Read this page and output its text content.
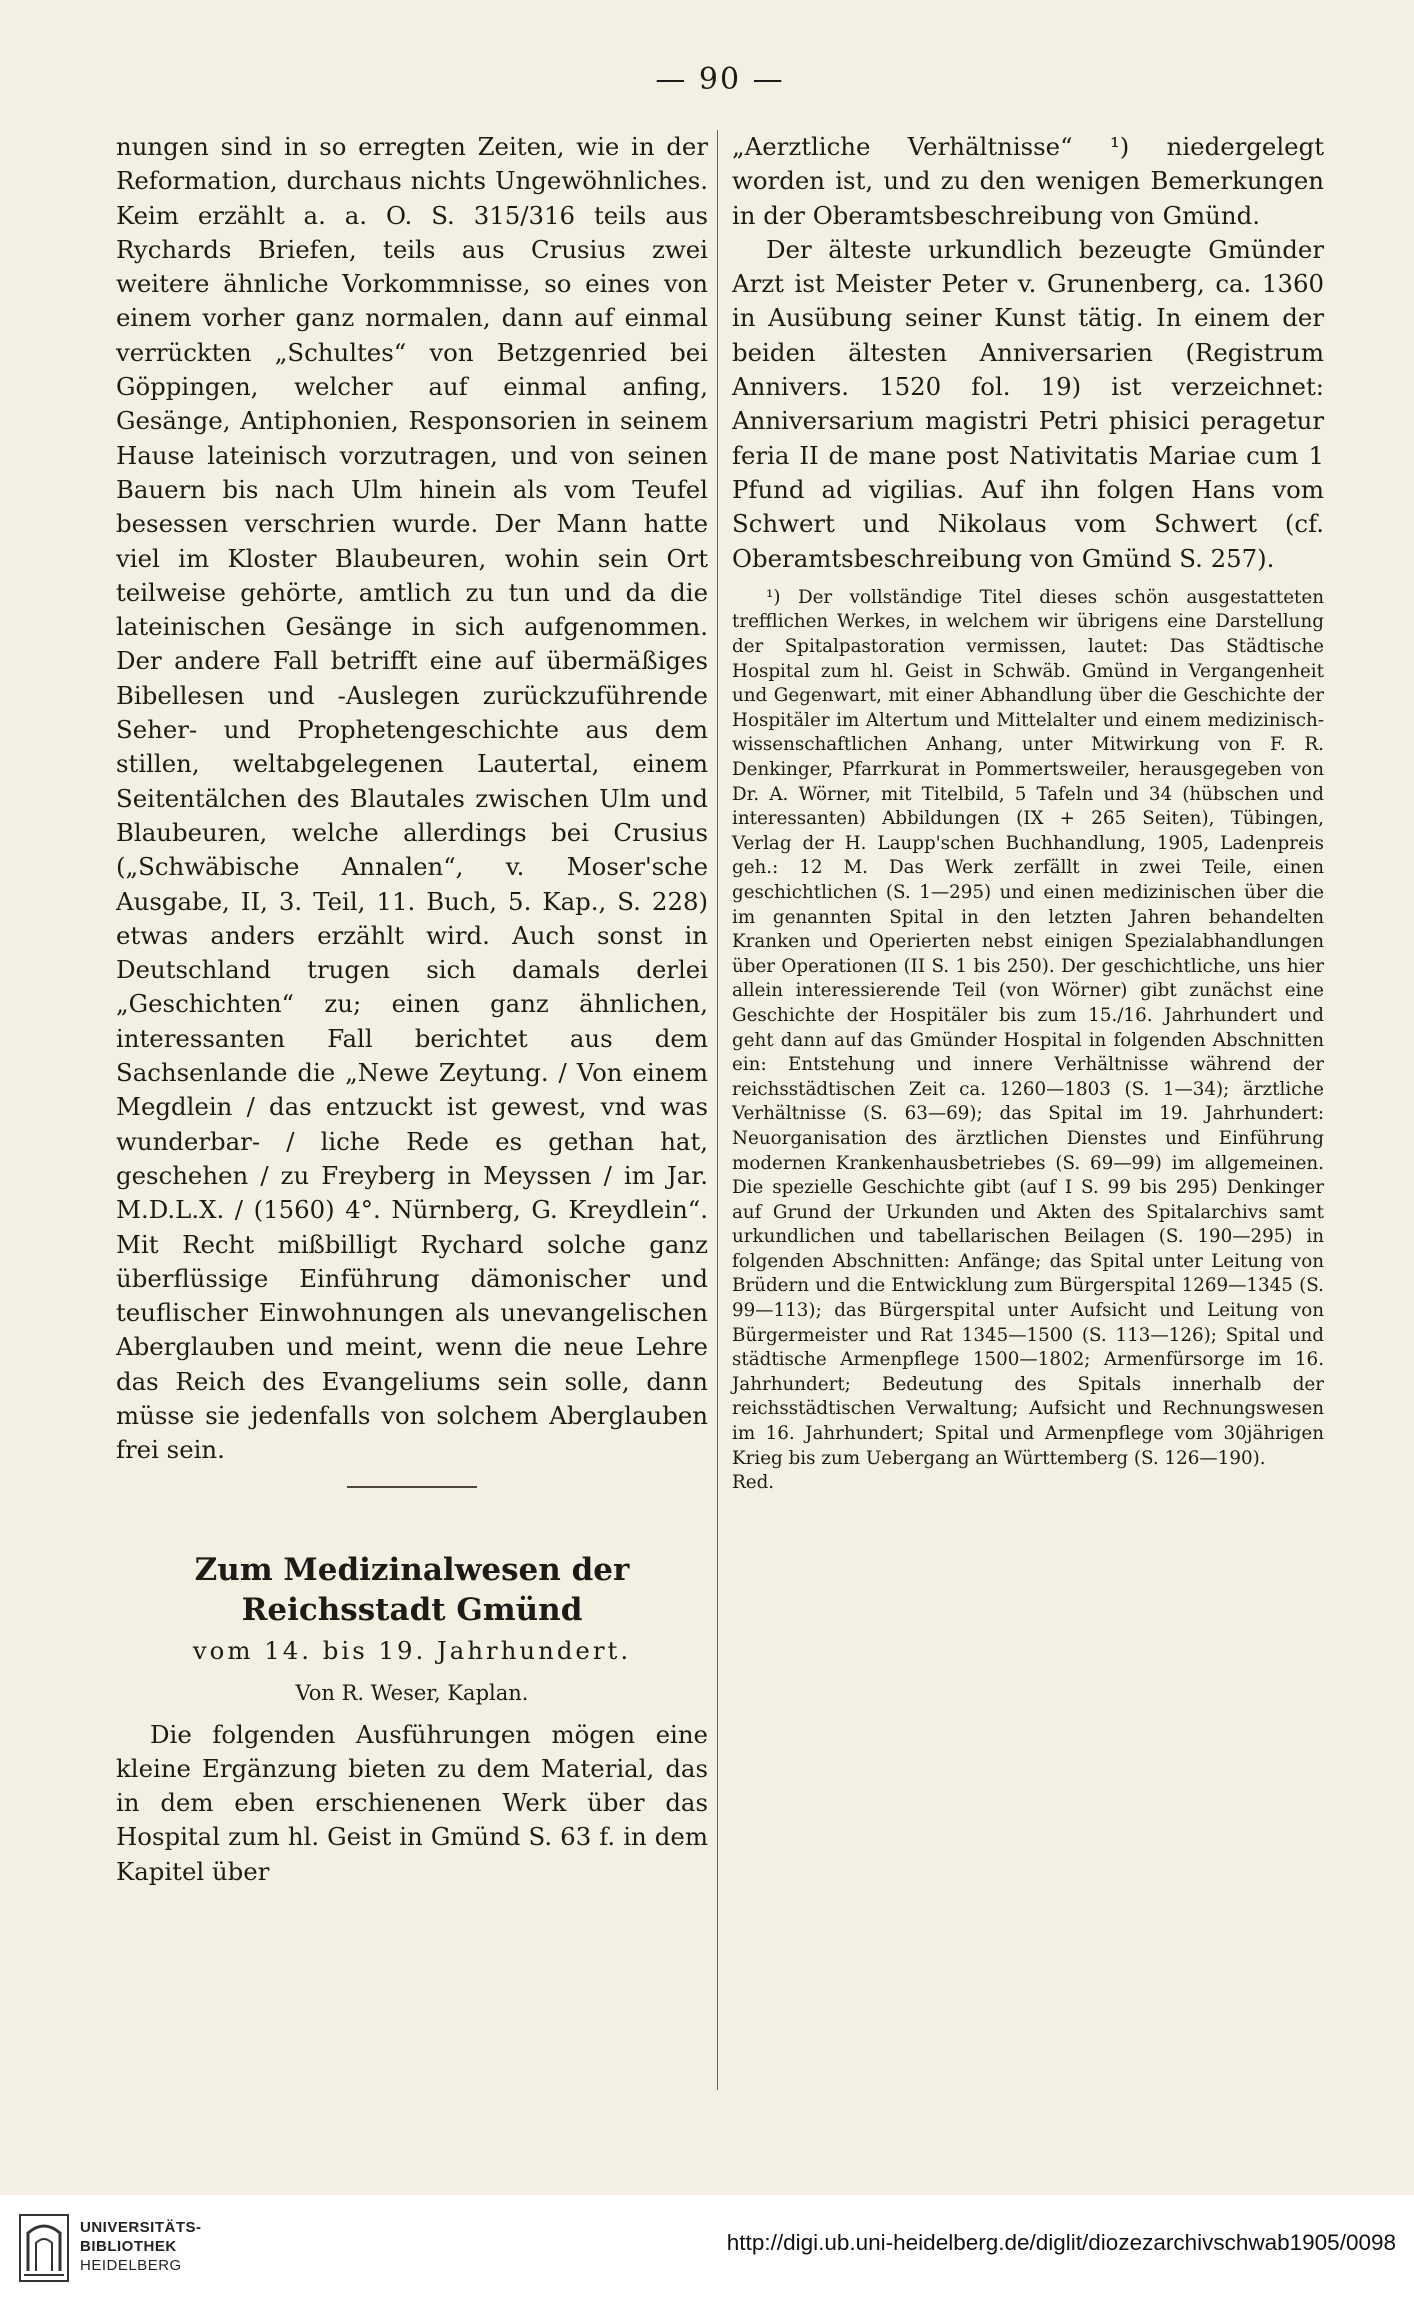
— 90 —

nungen sind in so erregten Zeiten, wie in der Reformation, durchaus nichts Ungewöhnliches. Keim erzählt a. a. O. S. 315/316 teils aus Rychards Briefen, teils aus Crusius zwei weitere ähnliche Vorkommnisse, so eines von einem vorher ganz normalen, dann auf einmal verrückten „Schultes“ von Betzgenried bei Göppingen, welcher auf einmal anfing, Gesänge, Antiphonien, Responsorien in seinem Hause lateinisch vorzutragen, und von seinen Bauern bis nach Ulm hinein als vom Teufel besessen verschrien wurde. Der Mann hatte viel im Kloster Blaubeuren, wohin sein Ort teilweise gehörte, amtlich zu tun und da die lateinischen Gesänge in sich aufgenommen. Der andere Fall betrifft eine auf übermäßiges Bibellesen und -Auslegen zurückzuführende Seher- und Prophetengeschichte aus dem stillen, weltabgelegenen Lautertal, einem Seitentälchen des Blautales zwischen Ulm und Blaubeuren, welche allerdings bei Crusius („Schwäbische Annalen“, v. Moser'sche Ausgabe, II, 3. Teil, 11. Buch, 5. Kap., S. 228) etwas anders erzählt wird. Auch sonst in Deutschland trugen sich damals derlei „Geschichten“ zu; einen ganz ähnlichen, interessanten Fall berichtet aus dem Sachsenlande die „Newe Zeytung. / Von einem Megdlein / das entzuckt ist gewest, vnd was wunderbar- / liche Rede es gethan hat, geschehen / zu Freyberg in Meyssen / im Jar. M.D.L.X. / (1560) 4°. Nürnberg, G. Kreydlein“. Mit Recht mißbilligt Rychard solche ganz überflüssige Einführung dämonischer und teuflischer Einwohnungen als unevangelischen Aberglauben und meint, wenn die neue Lehre das Reich des Evangeliums sein solle, dann müsse sie jedenfalls von solchem Aberglauben frei sein.

Zum Medizinalwesen der Reichsstadt Gmünd
vom 14. bis 19. Jahrhundert.
Von R. Weser, Kaplan.

Die folgenden Ausführungen mögen eine kleine Ergänzung bieten zu dem Material, das in dem eben erschienenen Werk über das Hospital zum hl. Geist in Gmünd S. 63 f. in dem Kapitel über

„Aerztliche Verhältnisse“ ¹) niedergelegt worden ist, und zu den wenigen Bemerkungen in der Oberamtsbeschreibung von Gmünd.

Der älteste urkundlich bezeugte Gmünder Arzt ist Meister Peter v. Grunenberg, ca. 1360 in Ausübung seiner Kunst tätig. In einem der beiden ältesten Anniversarien (Registrum Annivers. 1520 fol. 19) ist verzeichnet: Anniversarium magistri Petri phisici peragetur feria II de mane post Nativitatis Mariae cum 1 Pfund ad vigilias. Auf ihn folgen Hans vom Schwert und Nikolaus vom Schwert (cf. Oberamtsbeschreibung von Gmünd S. 257).

¹) Der vollständige Titel dieses schön ausgestatteten trefflichen Werkes, in welchem wir übrigens eine Darstellung der Spitalpastoration vermissen, lautet: Das Städtische Hospital zum hl. Geist in Schwäb. Gmünd in Vergangenheit und Gegenwart, mit einer Abhandlung über die Geschichte der Hospitäler im Altertum und Mittelalter und einem medizinisch-wissenschaftlichen Anhang, unter Mitwirkung von F. R. Denkinger, Pfarrkurat in Pommertsweiler, herausgegeben von Dr. A. Wörner, mit Titelbild, 5 Tafeln und 34 (hübschen und interessanten) Abbildungen (IX + 265 Seiten), Tübingen, Verlag der H. Laupp'schen Buchhandlung, 1905, Ladenpreis geh.: 12 M. Das Werk zerfällt in zwei Teile, einen geschichtlichen (S. 1—295) und einen medizinischen über die im genannten Spital in den letzten Jahren behandelten Kranken und Operierten nebst einigen Spezialabhandlungen über Operationen (II S. 1 bis 250). Der geschichtliche, uns hier allein interessierende Teil (von Wörner) gibt zunächst eine Geschichte der Hospitäler bis zum 15./16. Jahrhundert und geht dann auf das Gmünder Hospital in folgenden Abschnitten ein: Entstehung und innere Verhältnisse während der reichsstädtischen Zeit ca. 1260—1803 (S. 1—34); ärztliche Verhältnisse (S. 63—69); das Spital im 19. Jahrhundert: Neuorganisation des ärztlichen Dienstes und Einführung modernen Krankenhausbetriebes (S. 69—99) im allgemeinen. Die spezielle Geschichte gibt (auf I S. 99 bis 295) Denkinger auf Grund der Urkunden und Akten des Spitalarchivs samt urkundlichen und tabellarischen Beilagen (S. 190—295) in folgenden Abschnitten: Anfänge; das Spital unter Leitung von Brüdern und die Entwicklung zum Bürgerspital 1269—1345 (S. 99—113); das Bürgerspital unter Aufsicht und Leitung von Bürgermeister und Rat 1345—1500 (S. 113—126); Spital und städtische Armenpflege 1500—1802; Armenfürsorge im 16. Jahrhundert; Bedeutung des Spitals innerhalb der reichsstädtischen Verwaltung; Aufsicht und Rechnungswesen im 16. Jahrhundert; Spital und Armenpflege vom 30jährigen Krieg bis zum Uebergang an Württemberg (S. 126—190).

Red.

UNIVERSITÄTS-
BIBLIOTHEK
HEIDELBERG
http://digi.ub.uni-heidelberg.de/diglit/diozezarchivschwab1905/0098
